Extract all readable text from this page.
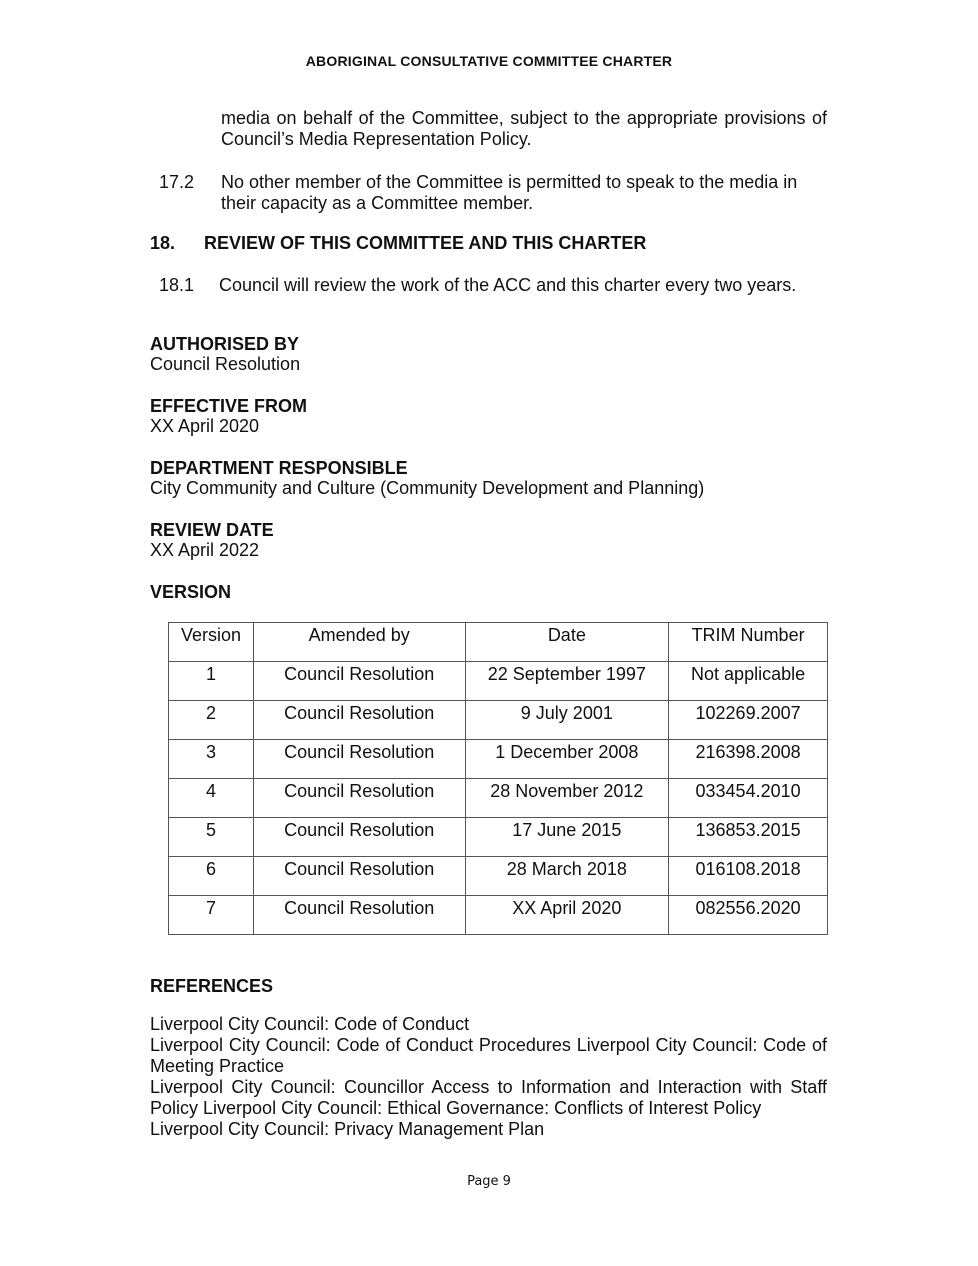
ABORIGINAL CONSULTATIVE COMMITTEE CHARTER
media on behalf of the Committee, subject to the appropriate provisions of Council’s Media Representation Policy.
17.2 No other member of the Committee is permitted to speak to the media in their capacity as a Committee member.
18. REVIEW OF THIS COMMITTEE AND THIS CHARTER
18.1 Council will review the work of the ACC and this charter every two years.
AUTHORISED BY
Council Resolution
EFFECTIVE FROM
XX April 2020
DEPARTMENT RESPONSIBLE
City Community and Culture (Community Development and Planning)
REVIEW DATE
XX April 2022
VERSION
Version	Amended by	Date	TRIM Number
1	Council Resolution	22 September 1997	Not applicable
2	Council Resolution	9 July 2001	102269.2007
3	Council Resolution	1 December 2008	216398.2008
4	Council Resolution	28 November 2012	033454.2010
5	Council Resolution	17 June 2015	136853.2015
6	Council Resolution	28 March 2018	016108.2018
7	Council Resolution	XX April 2020	082556.2020
REFERENCES
Liverpool City Council: Code of Conduct
Liverpool City Council: Code of Conduct Procedures Liverpool City Council: Code of Meeting Practice
Liverpool City Council: Councillor Access to Information and Interaction with Staff Policy Liverpool City Council: Ethical Governance: Conflicts of Interest Policy
Liverpool City Council: Privacy Management Plan
Page 9
